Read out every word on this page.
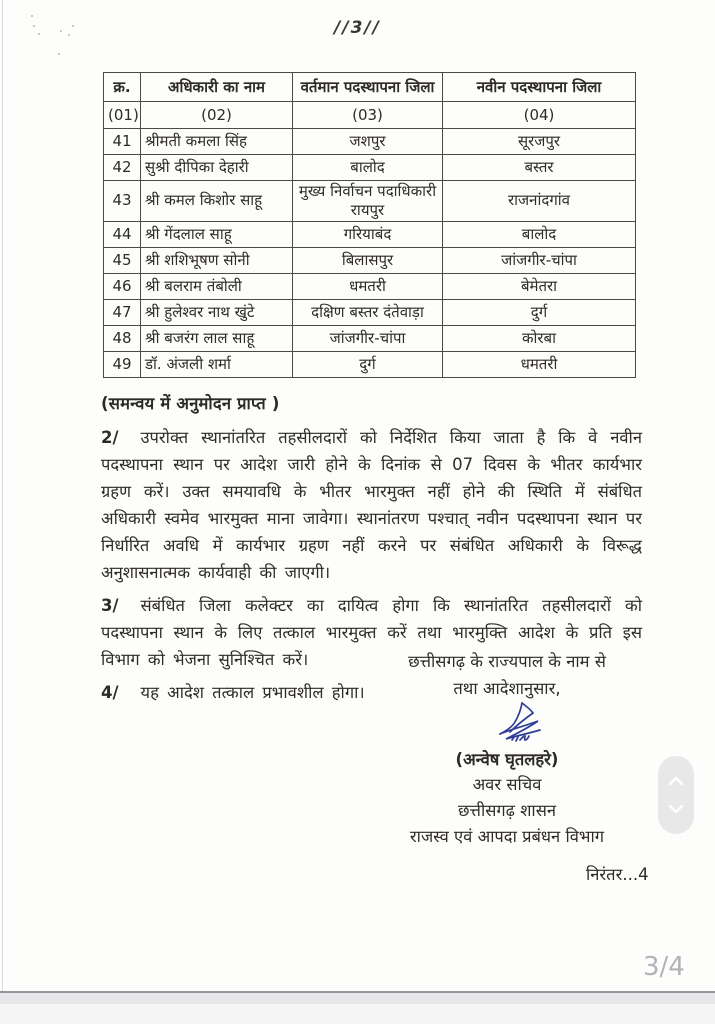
//3//
क्र.	अधिकारी का नाम	वर्तमान पदस्थापना जिला	नवीन पदस्थापना जिला
(01)	(02)	(03)	(04)
41	श्रीमती कमला सिंह	जशपुर	सूरजपुर
42	सुश्री दीपिका देहारी	बालोद	बस्तर
43	श्री कमल किशोर साहू	मुख्य निर्वाचन पदाधिकारी रायपुर	राजनांदगांव
44	श्री गेंदलाल साहू	गरियाबंद	बालोद
45	श्री शशिभूषण सोनी	बिलासपुर	जांजगीर-चांपा
46	श्री बलराम तंबोली	धमतरी	बेमेतरा
47	श्री हुलेश्वर नाथ खुंटे	दक्षिण बस्तर दंतेवाड़ा	दुर्ग
48	श्री बजरंग लाल साहू	जांजगीर-चांपा	कोरबा
49	डॉ. अंजली शर्मा	दुर्ग	धमतरी
(समन्वय में अनुमोदन प्राप्त )

2/ उपरोक्त स्थानांतरित तहसीलदारों को निर्देशित किया जाता है कि वे नवीन पदस्थापना स्थान पर आदेश जारी होने के दिनांक से 07 दिवस के भीतर कार्यभार ग्रहण करें। उक्त समयावधि के भीतर भारमुक्त नहीं होने की स्थिति में संबंधित अधिकारी स्वमेव भारमुक्त माना जावेगा। स्थानांतरण पश्चात् नवीन पदस्थापना स्थान पर निर्धारित अवधि में कार्यभार ग्रहण नहीं करने पर संबंधित अधिकारी के विरूद्ध अनुशासनात्मक कार्यवाही की जाएगी।

3/ संबंधित जिला कलेक्टर का दायित्व होगा कि स्थानांतरित तहसीलदारों को पदस्थापना स्थान के लिए तत्काल भारमुक्त करें तथा भारमुक्ति आदेश के प्रति इस विभाग को भेजना सुनिश्चित करें।

4/ यह आदेश तत्काल प्रभावशील होगा।

छत्तीसगढ़ के राज्यपाल के नाम से
तथा आदेशानुसार,
(अन्वेष घृतलहरे)
अवर सचिव
छत्तीसगढ़ शासन
राजस्व एवं आपदा प्रबंधन विभाग
निरंतर...4
3/4
